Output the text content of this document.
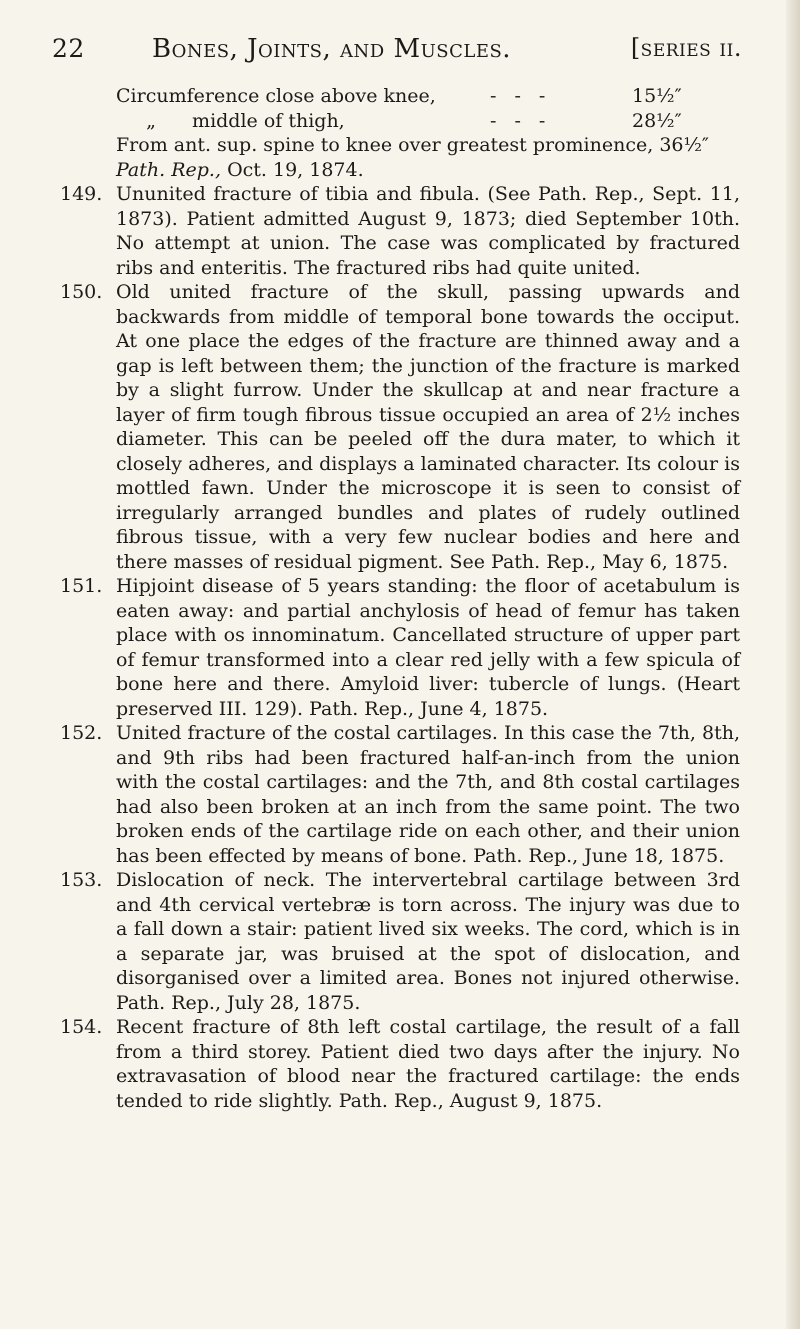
22	Bones, Joints, and Muscles.	[series ii.
Circumference close above knee,	- - -	15½″
„ middle of thigh,	- - -	28½″
From ant. sup. spine to knee over greatest prominence, 36½″
Path. Rep., Oct. 19, 1874.
149. Ununited fracture of tibia and fibula. (See Path. Rep., Sept. 11, 1873). Patient admitted August 9, 1873; died September 10th. No attempt at union. The case was complicated by fractured ribs and enteritis. The fractured ribs had quite united.
150. Old united fracture of the skull, passing upwards and backwards from middle of temporal bone towards the occiput. At one place the edges of the fracture are thinned away and a gap is left between them; the junction of the fracture is marked by a slight furrow. Under the skullcap at and near fracture a layer of firm tough fibrous tissue occupied an area of 2½ inches diameter. This can be peeled off the dura mater, to which it closely adheres, and displays a laminated character. Its colour is mottled fawn. Under the microscope it is seen to consist of irregularly arranged bundles and plates of rudely outlined fibrous tissue, with a very few nuclear bodies and here and there masses of residual pigment. See Path. Rep., May 6, 1875.
151. Hipjoint disease of 5 years standing: the floor of acetabulum is eaten away: and partial anchylosis of head of femur has taken place with os innominatum. Cancellated structure of upper part of femur transformed into a clear red jelly with a few spicula of bone here and there. Amyloid liver: tubercle of lungs. (Heart preserved III. 129). Path. Rep., June 4, 1875.
152. United fracture of the costal cartilages. In this case the 7th, 8th, and 9th ribs had been fractured half-an-inch from the union with the costal cartilages: and the 7th, and 8th costal cartilages had also been broken at an inch from the same point. The two broken ends of the cartilage ride on each other, and their union has been effected by means of bone. Path. Rep., June 18, 1875.
153. Dislocation of neck. The intervertebral cartilage between 3rd and 4th cervical vertebræ is torn across. The injury was due to a fall down a stair: patient lived six weeks. The cord, which is in a separate jar, was bruised at the spot of dislocation, and disorganised over a limited area. Bones not injured otherwise. Path. Rep., July 28, 1875.
154. Recent fracture of 8th left costal cartilage, the result of a fall from a third storey. Patient died two days after the injury. No extravasation of blood near the fractured cartilage: the ends tended to ride slightly. Path. Rep., August 9, 1875.
